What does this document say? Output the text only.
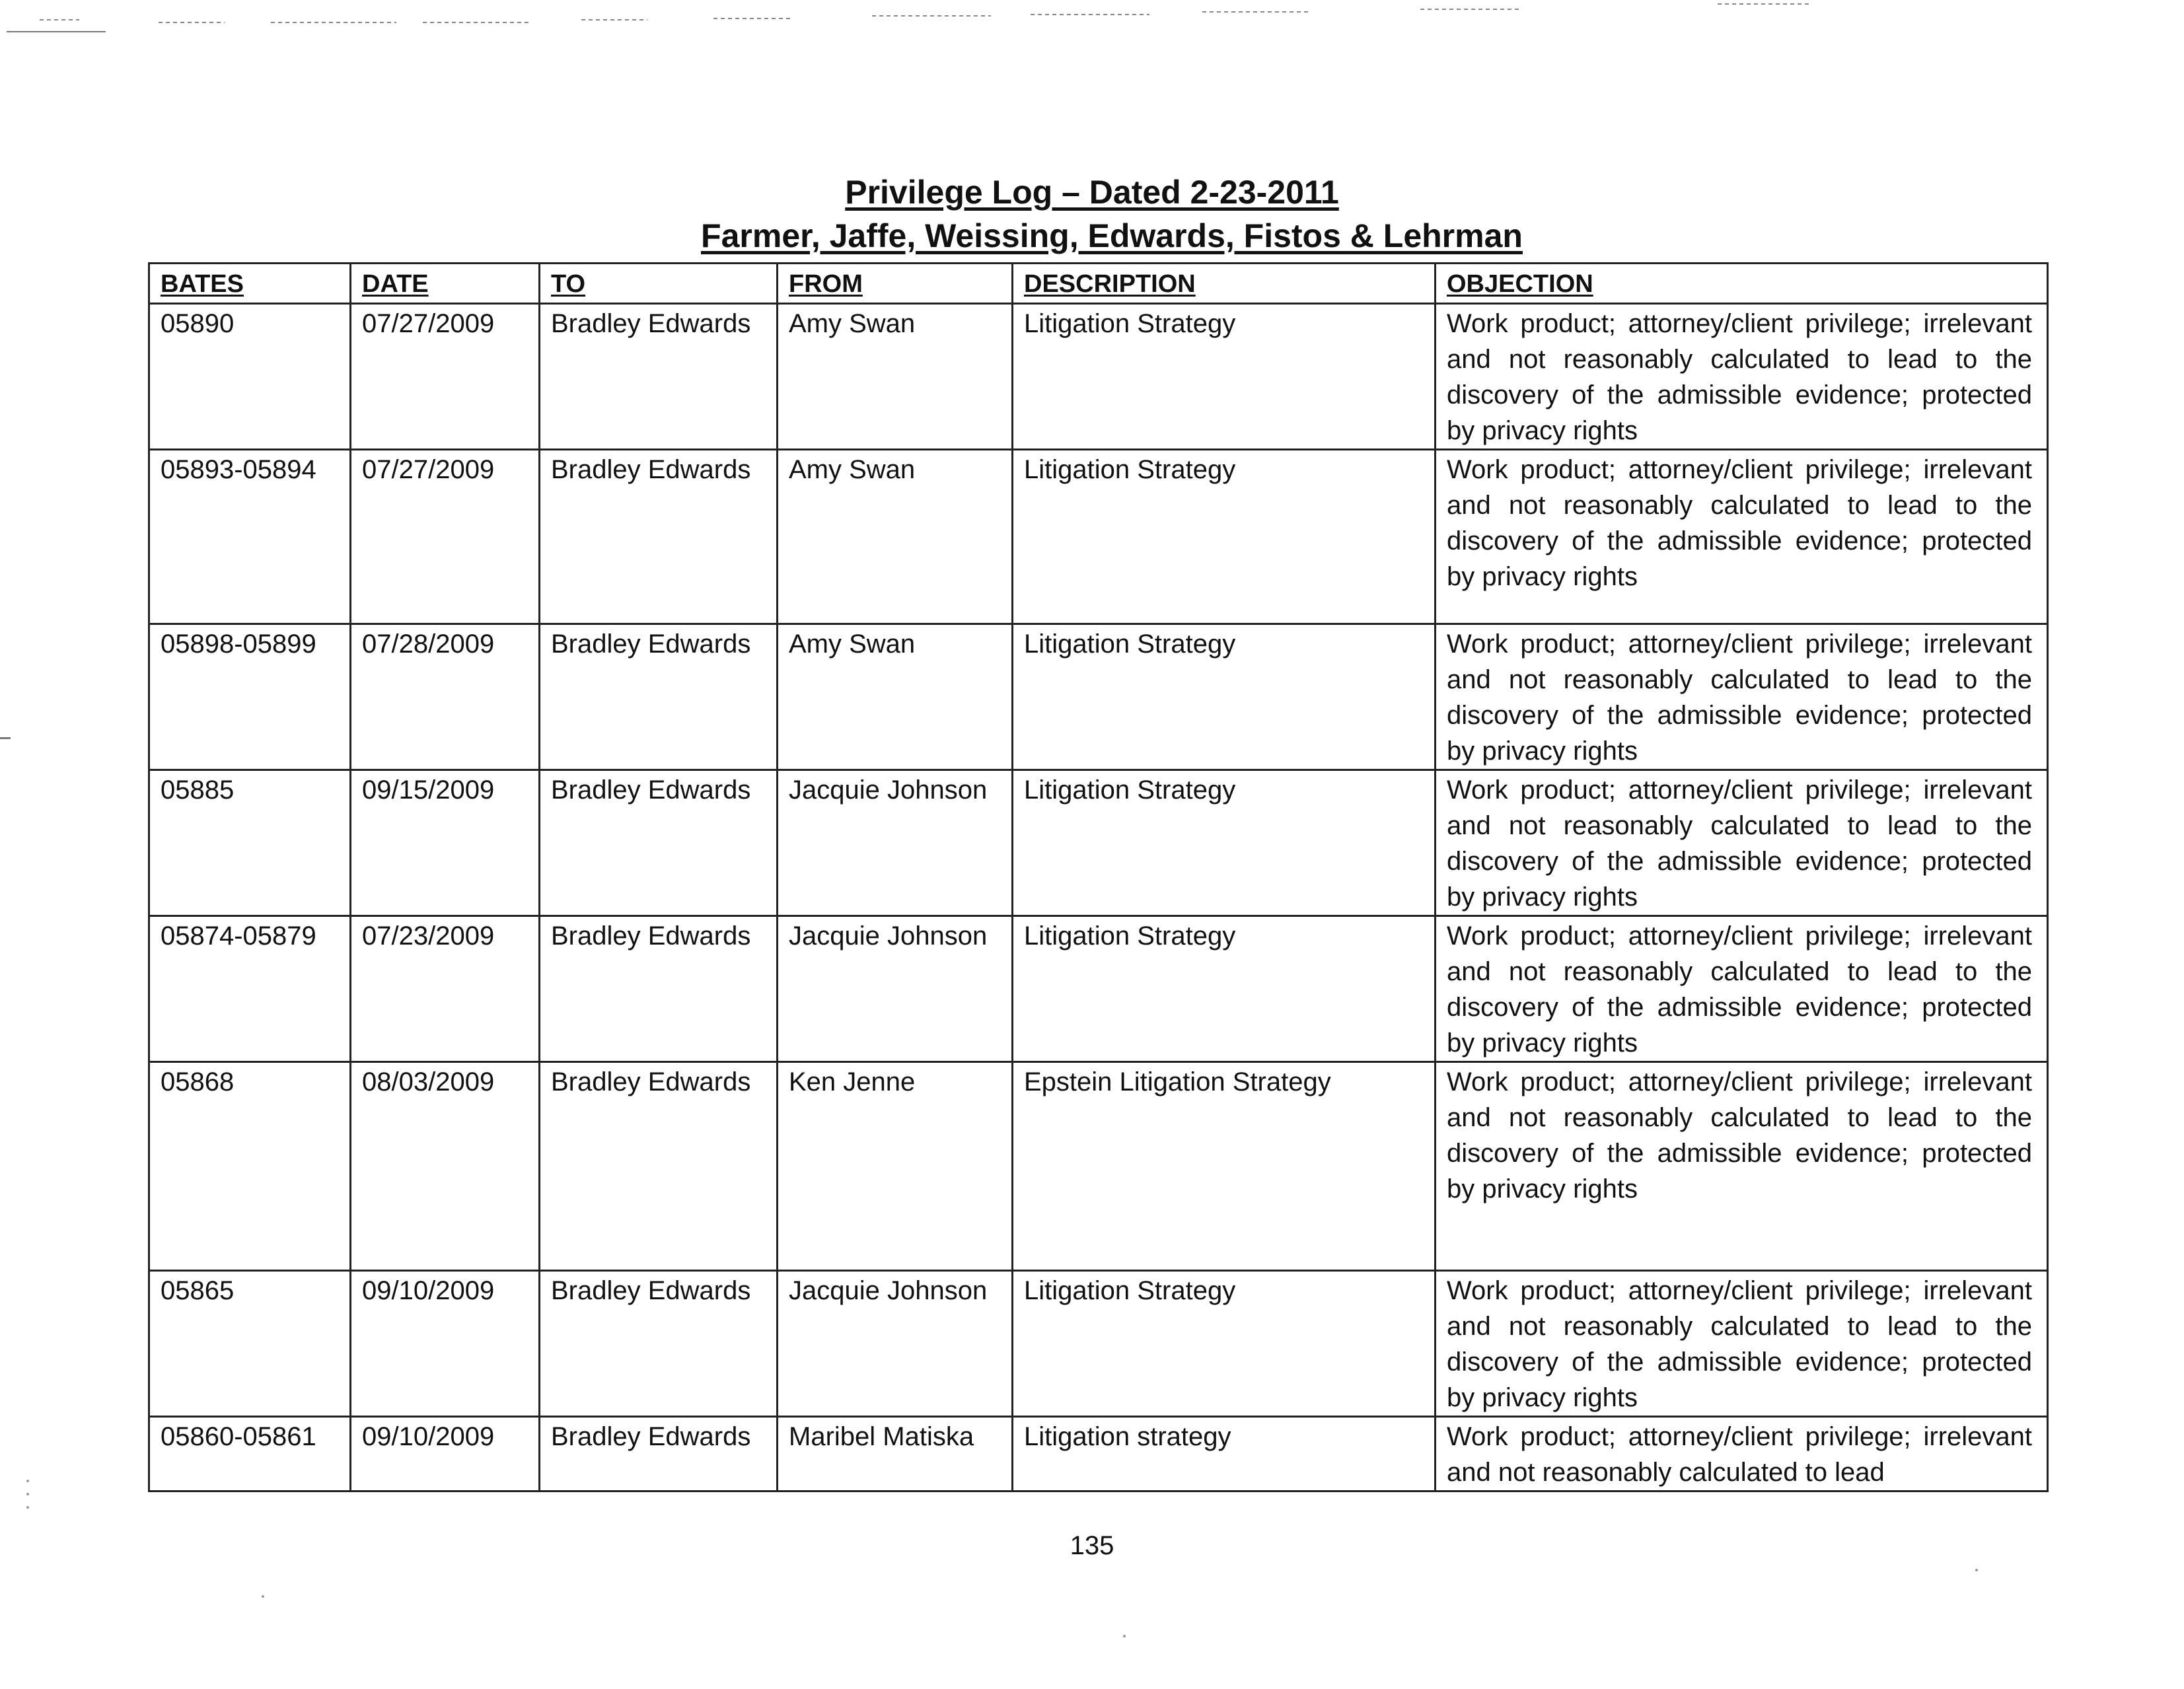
Privilege Log – Dated 2-23-2011
Farmer, Jaffe, Weissing, Edwards, Fistos & Lehrman
BATES	DATE	TO	FROM	DESCRIPTION	OBJECTION
05890	07/27/2009	Bradley Edwards	Amy Swan	Litigation Strategy	Work product; attorney/client privilege; irrelevant and not reasonably calculated to lead to the discovery of the admissible evidence; protected by privacy rights
05893-05894	07/27/2009	Bradley Edwards	Amy Swan	Litigation Strategy	Work product; attorney/client privilege; irrelevant and not reasonably calculated to lead to the discovery of the admissible evidence; protected by privacy rights
05898-05899	07/28/2009	Bradley Edwards	Amy Swan	Litigation Strategy	Work product; attorney/client privilege; irrelevant and not reasonably calculated to lead to the discovery of the admissible evidence; protected by privacy rights
05885	09/15/2009	Bradley Edwards	Jacquie Johnson	Litigation Strategy	Work product; attorney/client privilege; irrelevant and not reasonably calculated to lead to the discovery of the admissible evidence; protected by privacy rights
05874-05879	07/23/2009	Bradley Edwards	Jacquie Johnson	Litigation Strategy	Work product; attorney/client privilege; irrelevant and not reasonably calculated to lead to the discovery of the admissible evidence; protected by privacy rights
05868	08/03/2009	Bradley Edwards	Ken Jenne	Epstein Litigation Strategy	Work product; attorney/client privilege; irrelevant and not reasonably calculated to lead to the discovery of the admissible evidence; protected by privacy rights
05865	09/10/2009	Bradley Edwards	Jacquie Johnson	Litigation Strategy	Work product; attorney/client privilege; irrelevant and not reasonably calculated to lead to the discovery of the admissible evidence; protected by privacy rights
05860-05861	09/10/2009	Bradley Edwards	Maribel Matiska	Litigation strategy	Work product; attorney/client privilege; irrelevant and not reasonably calculated to lead
135
